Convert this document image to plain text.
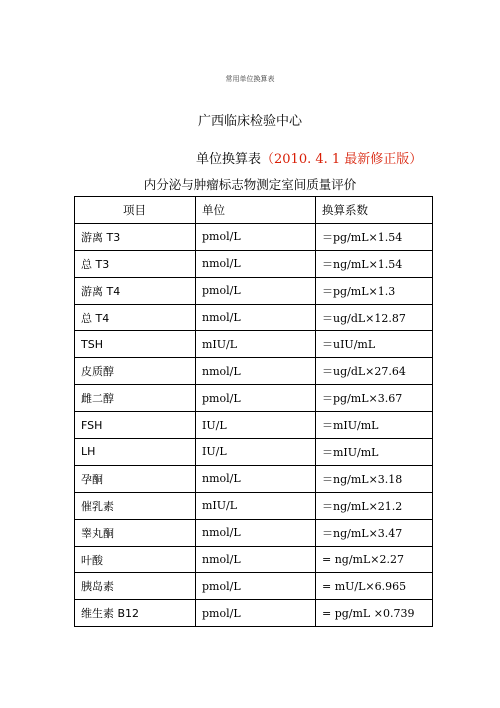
常用单位换算表
广西临床检验中心
单位换算表（2010. 4. 1 最新修正版）
内分泌与肿瘤标志物测定室间质量评价
项目	单位	换算系数
游离 T3	pmol/L	＝pg/mL×1.54
总 T3	nmol/L	＝ng/mL×1.54
游离 T4	pmol/L	＝pg/mL×1.3
总 T4	nmol/L	＝ug/dL×12.87
TSH	mIU/L	＝uIU/mL
皮质醇	nmol/L	＝ug/dL×27.64
雌二醇	pmol/L	＝pg/mL×3.67
FSH	IU/L	＝mIU/mL
LH	IU/L	＝mIU/mL
孕酮	nmol/L	＝ng/mL×3.18
催乳素	mIU/L	＝ng/mL×21.2
睾丸酮	nmol/L	＝ng/mL×3.47
叶酸	nmol/L	= ng/mL×2.27
胰岛素	pmol/L	= mU/L×6.965
维生素 B12	pmol/L	= pg/mL ×0.739
